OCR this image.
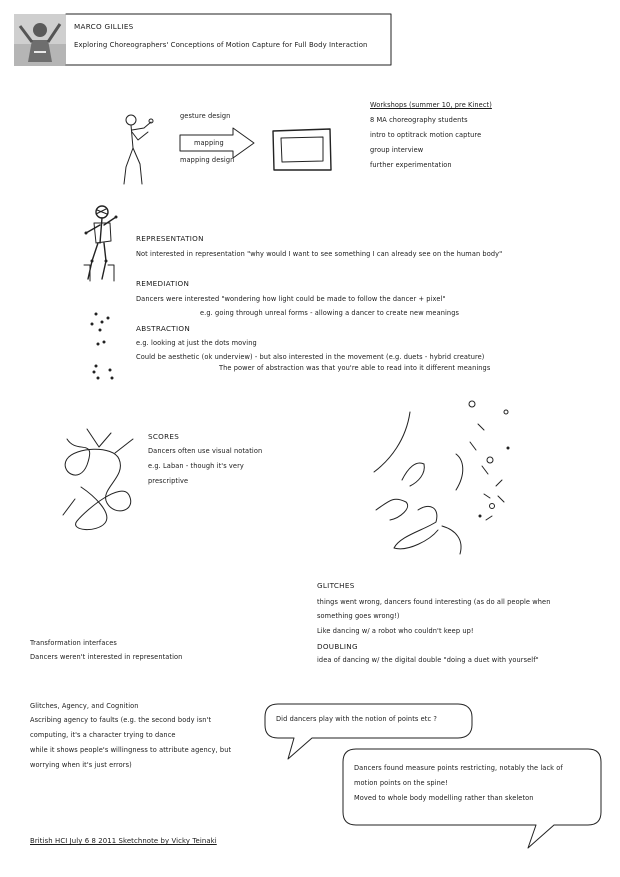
MARCO GILLIES
Exploring Choreographers' Conceptions of Motion Capture for Full Body Interaction
gesture design
mapping
mapping design
Workshops (summer 10, pre Kinect)
8 MA choreography students
intro to optitrack motion capture
group interview
further experimentation
REPRESENTATION
Not interested in representation "why would I want to see something I can already see on the human body"
REMEDIATION
Dancers were interested "wondering how light could be made to follow the dancer + pixel"
e.g. going through unreal forms - allowing a dancer to create new meanings
ABSTRACTION
e.g. looking at just the dots moving
Could be aesthetic (ok underview) - but also interested in the movement (e.g. duets - hybrid creature)
The power of abstraction was that you're able to read into it different meanings
SCORES
Dancers often use visual notation
e.g. Laban - though it's very
prescriptive
GLITCHES
things went wrong, dancers found interesting (as do all people when
something goes wrong!)
Like dancing w/ a robot who couldn't keep up!
DOUBLING
idea of dancing w/ the digital double "doing a duet with yourself"
Transformation interfaces
Dancers weren't interested in representation
Glitches, Agency, and Cognition
Ascribing agency to faults (e.g. the second body isn't
computing, it's a character trying to dance
while it shows people's willingness to attribute agency, but
worrying when it's just errors)
Did dancers play with the notion of points etc ?
Dancers found measure points restricting, notably the lack of
motion points on the spine!
Moved to whole body modelling rather than skeleton
British HCI July 6 8 2011 Sketchnote by Vicky Teinaki
